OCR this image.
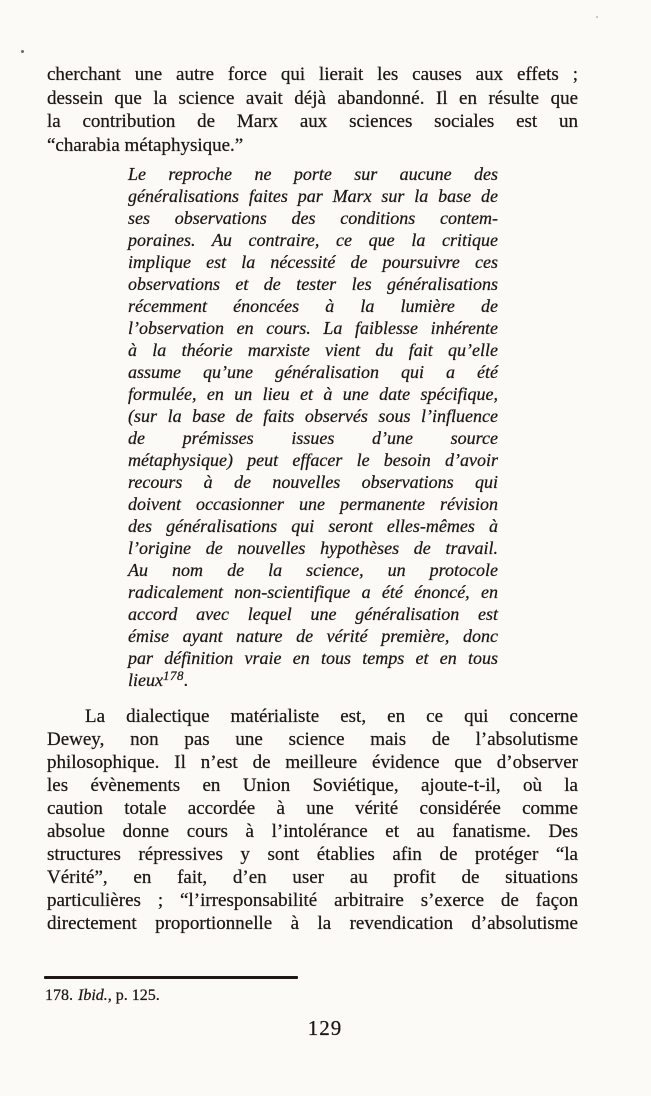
cherchant une autre force qui lierait les causes aux effets ;
dessein que la science avait déjà abandonné. Il en résulte que
la contribution de Marx aux sciences sociales est un
“charabia métaphysique.”
Le reproche ne porte sur aucune des
généralisations faites par Marx sur la base de
ses observations des conditions contem-
poraines. Au contraire, ce que la critique
implique est la nécessité de poursuivre ces
observations et de tester les généralisations
récemment énoncées à la lumière de
l’observation en cours. La faiblesse inhérente
à la théorie marxiste vient du fait qu’elle
assume qu’une généralisation qui a été
formulée, en un lieu et à une date spécifique,
(sur la base de faits observés sous l’influence
de prémisses issues d’une source
métaphysique) peut effacer le besoin d’avoir
recours à de nouvelles observations qui
doivent occasionner une permanente révision
des généralisations qui seront elles-mêmes à
l’origine de nouvelles hypothèses de travail.
Au nom de la science, un protocole
radicalement non-scientifique a été énoncé, en
accord avec lequel une généralisation est
émise ayant nature de vérité première, donc
par définition vraie en tous temps et en tous
lieux$^{178}$.
La dialectique matérialiste est, en ce qui concerne
Dewey, non pas une science mais de l’absolutisme
philosophique. Il n’est de meilleure évidence que d’observer
les évènements en Union Soviétique, ajoute-t-il, où la
caution totale accordée à une vérité considérée comme
absolue donne cours à l’intolérance et au fanatisme. Des
structures répressives y sont établies afin de protéger “la
Vérité”, en fait, d’en user au profit de situations
particulières ; “l’irresponsabilité arbitraire s’exerce de façon
directement proportionnelle à la revendication d’absolutisme
178. Ibid., p. 125.
129
